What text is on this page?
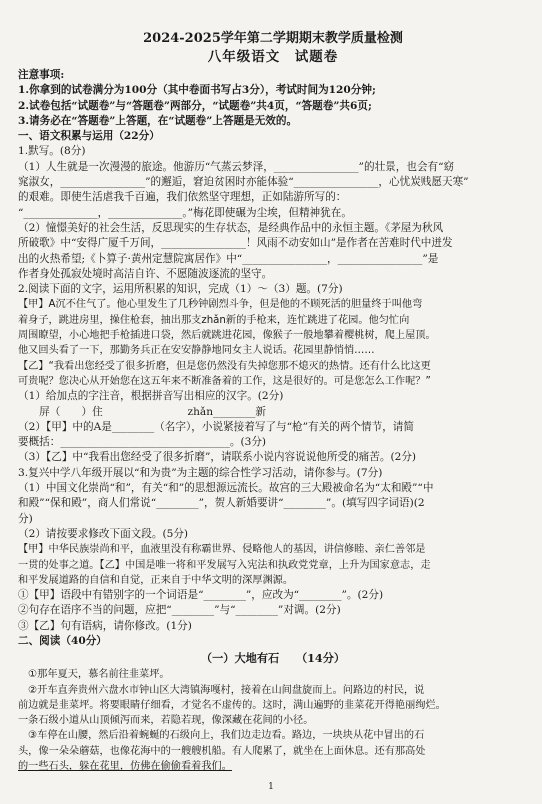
2024-2025学年第二学期期末教学质量检测
八年级语文　试题卷
注意事项:
1.你拿到的试卷满分为100分（其中卷面书写占3分），考试时间为120分钟;
2.试卷包括“试题卷”与“答题卷”两部分，“试题卷”共4页，“答题卷”共6页;
3.请务必在“答题卷”上答题，在“试题卷”上答题是无效的。
一、语文积累与运用（22分）
1.默写。(8分)
（1）人生就是一次漫漫的旅途。他游历“气蒸云梦泽，________________”的壮景，也会有“窈
窕淑女，________________”的邂逅，窘迫贫困时亦能体验“________________，心忧炭贱愿天寒”
的艰难。即使生活虐我千百遍，我们依然坚守理想，正如陆游所写的：
“______________，______________。”梅花即使碾为尘埃，但精神犹在。
（2）憧憬美好的社会生活，反思现实的生存状态，是经典作品中的永恒主题。《茅屋为秋风
所破歌》中“安得广厦千万间，________________！风雨不动安如山”是作者在苦难时代中迸发
出的火热希望;《卜算子·黄州定慧院寓居作》中“________________，________________”是
作者身处孤寂处境时高洁自许、不愿随波逐流的坚守。
2.阅读下面的文字，运用所积累的知识，完成（1）～（3）题。(7分)
【甲】A沉不住气了。他心里发生了几秒钟剧烈斗争，但是他的不顾死活的胆量终于叫他弯
着身子，跳进房里，操住枪套，抽出那支zhǎn新的手枪来，连忙跳进了花园。他匀忙向
周围瞭望，小心地把手枪插进口袋，然后就跳进花园，像猴子一般地攀着樱桃树，爬上屋顶。
他又回头看了一下，那勤务兵正在安安静静地同女主人说话。花园里静悄悄……
【乙】“我看出您经受了很多折磨，但是您仍然没有失掉您那不熄灭的热情。还有什么比这更
可贵呢？您决心从开始您在这五年来不断准备着的工作，这是很好的。可是您怎么工作呢？”
（1）给加点的字注音，根据拼音写出相应的汉字。(2分)
　　屏（　　）住　　　　　　　　zhǎn________新
（2）【甲】中的A是________（名字），小说紧接着写了与“枪”有关的两个情节，请简
要概括：________________________________。(3分)
（3）【乙】中“我看出您经受了很多折磨”，请联系小说内容说说他所受的痛苦。(2分)
3.复兴中学八年级开展以“和为贵”为主题的综合性学习活动，请你参与。(7分)
（1）中国文化崇尚“和”，有关“和”的思想源远流长。故宫的三大殿被命名为“太和殿”“中
和殿”“保和殿”，商人们常说“________”，贺人新婚要讲“________”。(填写四字词语)(2
分)
（2）请按要求修改下面文段。(5分)
【甲】中华民族崇尚和平，血液里没有称霸世界、侵略他人的基因，讲信修睦、亲仁善邻是
一贯的处事之道。【乙】中国是唯一将和平发展写入宪法和执政党党章，上升为国家意志，走
和平发展道路的自信和自觉，正来自于中华文明的深厚渊源。
①【甲】语段中有错别字的一个词语是“________”，应改为“________”。(2分)
②句存在语序不当的问题，应把“________”与“________”对调。(2分)
③【乙】句有语病，请你修改。(1分)
二、阅读（40分）
（一）大地有石　　（14分）
①那年夏天，慕名前往韭菜坪。
②开车直奔贵州六盘水市钟山区大湾镇海嘎村，接着在山间盘旋而上。问路边的村民，说
前边就是韭菜坪。将要眼睛仔细看，才觉名不虚传的。这时，满山遍野的韭菜花开得艳丽绚烂。
一条石级小道从山顶倾泻而来，若隐若现，像深藏在花间的小径。
③车停在山腰，然后沿着蜿蜒的石级向上，我们边走边看。路边，一块块从花中冒出的石
头，像一朵朵蘑菇，也像花海中的一艘艘机船。有人爬累了，就坐在上面休息。还有那高处
的一些石头，躲在花里，仿佛在偷偷看着我们。
1
